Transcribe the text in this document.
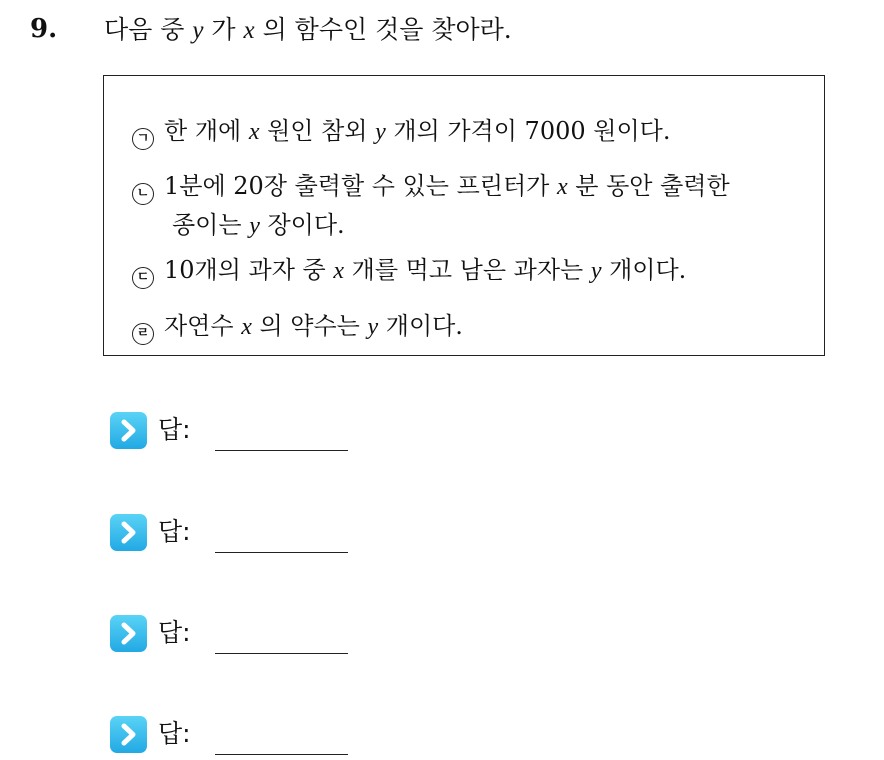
9. 다음 중 y 가 x 의 함수인 것을 찾아라.
ㄱ 한 개에 x 원인 참외 y 개의 가격이 7000 원이다.
ㄴ 1분에 20장 출력할 수 있는 프린터가 x 분 동안 출력한
종이는 y 장이다.
ㄷ 10개의 과자 중 x 개를 먹고 남은 과자는 y 개이다.
ㄹ 자연수 x 의 약수는 y 개이다.
답:
답:
답:
답:
